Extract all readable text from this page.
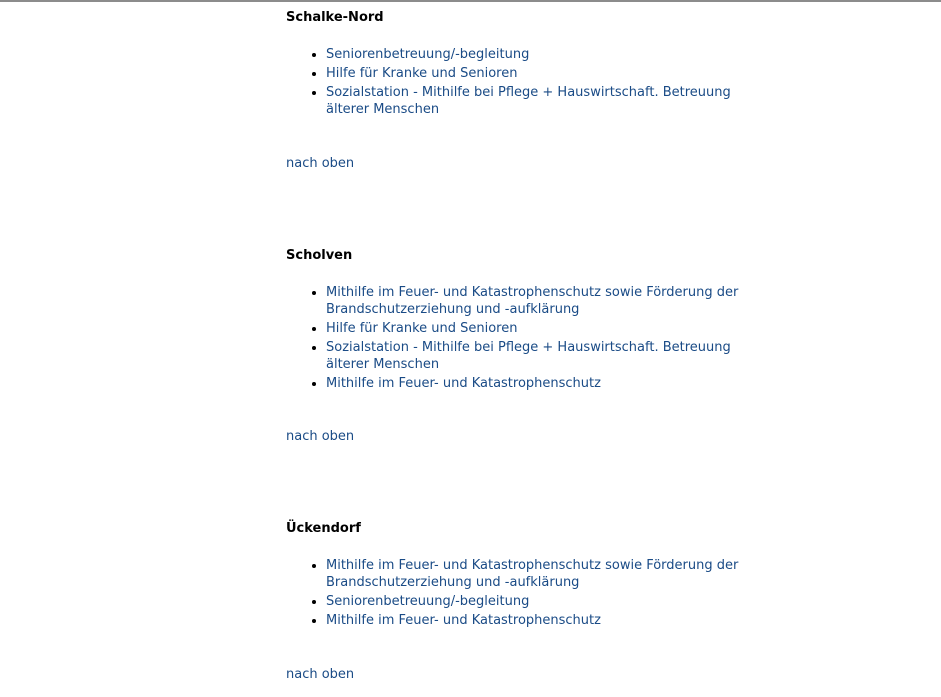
Schalke-Nord
• Seniorenbetreuung/-begleitung
• Hilfe für Kranke und Senioren
• Sozialstation - Mithilfe bei Pflege + Hauswirtschaft. Betreuung älterer Menschen
nach oben
Scholven
• Mithilfe im Feuer- und Katastrophenschutz sowie Förderung der Brandschutzerziehung und -aufklärung
• Hilfe für Kranke und Senioren
• Sozialstation - Mithilfe bei Pflege + Hauswirtschaft. Betreuung älterer Menschen
• Mithilfe im Feuer- und Katastrophenschutz
nach oben
Ückendorf
• Mithilfe im Feuer- und Katastrophenschutz sowie Förderung der Brandschutzerziehung und -aufklärung
• Seniorenbetreuung/-begleitung
• Mithilfe im Feuer- und Katastrophenschutz
nach oben
